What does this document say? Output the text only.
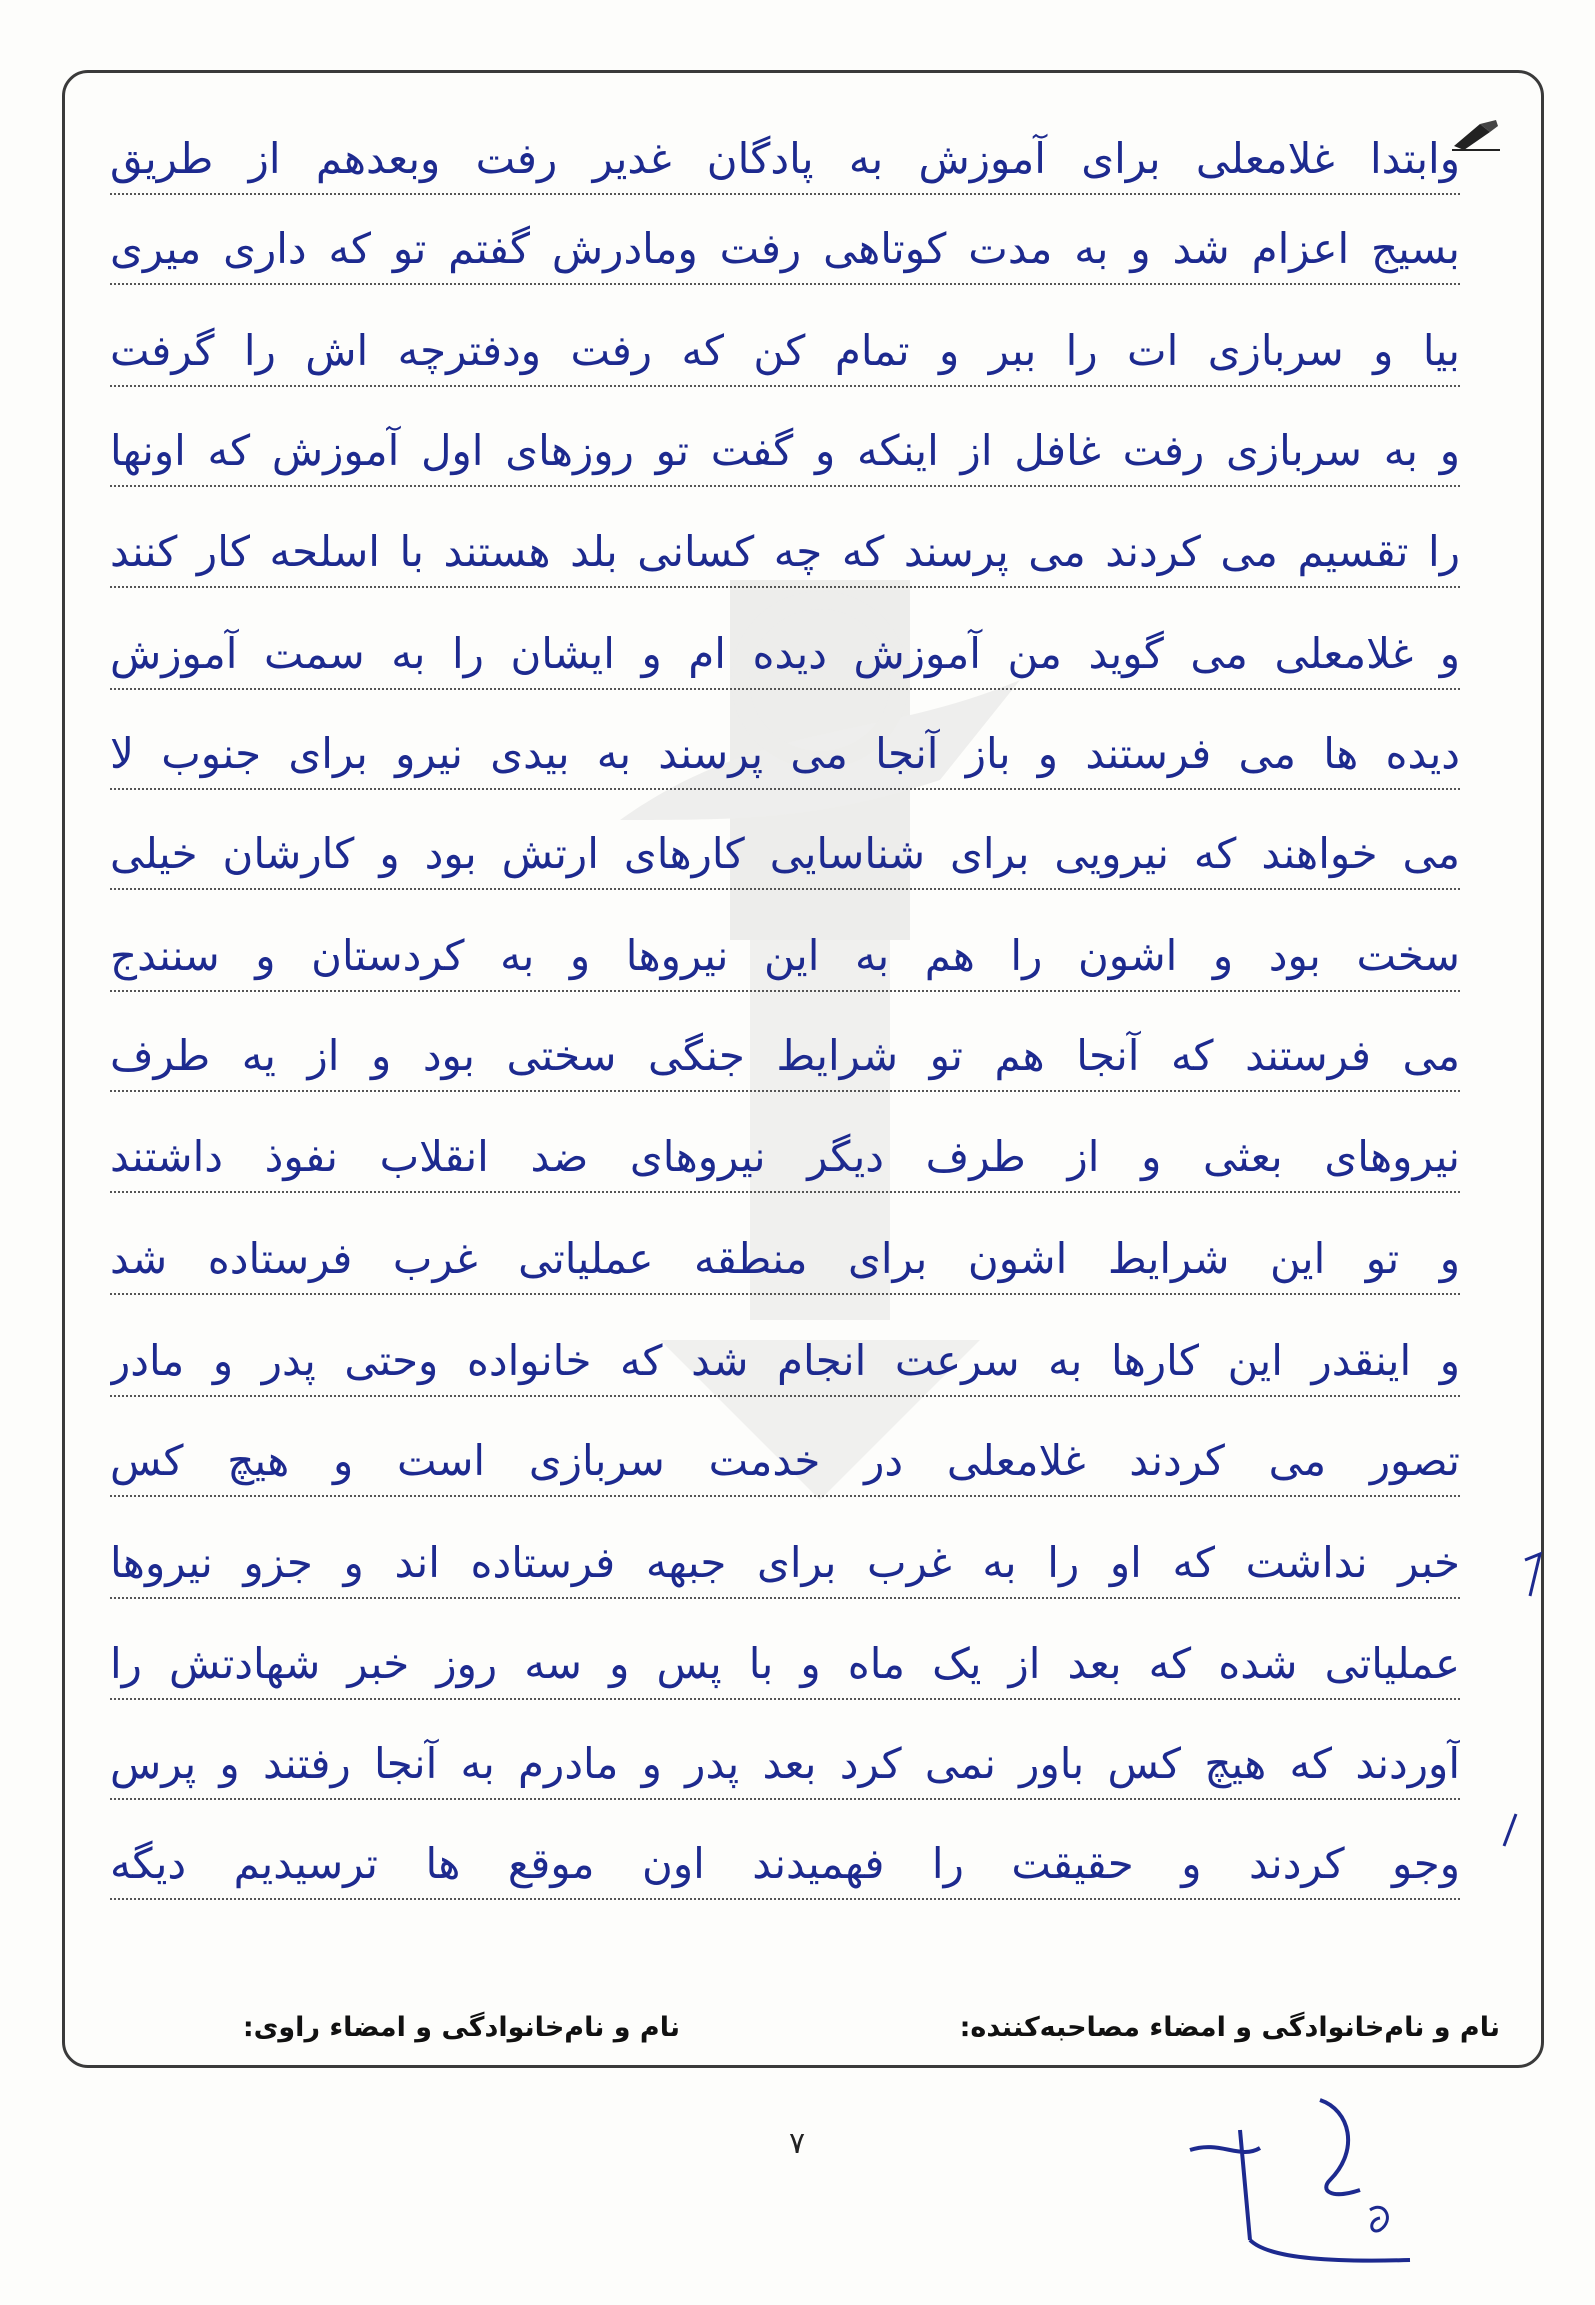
وابتدا غلامعلی برای آموزش به پادگان غدیر رفت وبعدهم از طریق
بسیج اعزام شد و به مدت کوتاهی رفت ومادرش گفتم تو که داری میری
بیا و سربازی ات را ببر و تمام کن که رفت ودفترچه اش را گرفت
و به سربازی رفت غافل از اینکه و گفت تو روزهای اول آموزش که اونها
را تقسیم می کردند می پرسند که چه کسانی بلد هستند با اسلحه کار کنند
و غلامعلی می گوید من آموزش دیده ام و ایشان را به سمت آموزش
دیده ها می فرستند و باز آنجا می پرسند به بیدی نیرو برای جنوب لا
می خواهند که نیرویی برای شناسایی کارهای ارتش بود و کارشان خیلی
سخت بود و اشون را هم به این نیروها و به کردستان و سنندج
می فرستند که آنجا هم تو شرایط جنگی سختی بود و از یه طرف
نیروهای بعثی و از طرف دیگر نیروهای ضد انقلاب نفوذ داشتند
و تو این شرایط اشون برای منطقه عملیاتی غرب فرستاده شد
و اینقدر این کارها به سرعت انجام شد که خانواده وحتی پدر و مادر
تصور می کردند غلامعلی در خدمت سربازی است و هیچ کس
خبر نداشت که او را به غرب برای جبهه فرستاده اند و جزو نیروها
عملیاتی شده که بعد از یک ماه و با پس و سه روز خبر شهادتش را
آوردند که هیچ کس باور نمی کرد بعد پدر و مادرم به آنجا رفتند و پرس
وجو کردند و حقیقت را فهمیدند اون موقع ها ترسیدیم دیگه
نام و نام‌خانوادگی و امضاء مصاحبه‌کننده:
نام و نام‌خانوادگی و امضاء راوی:
۷
